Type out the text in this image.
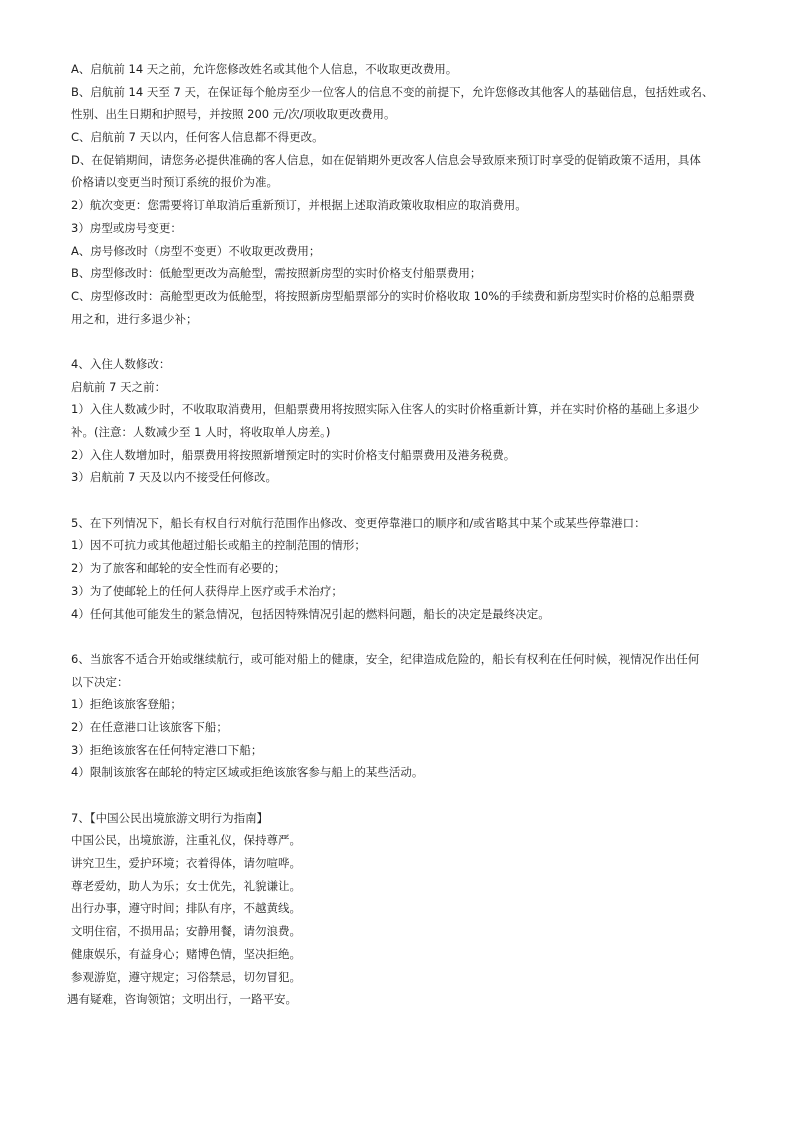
A、启航前 14 天之前，允许您修改姓名或其他个人信息，不收取更改费用。
B、启航前 14 天至 7 天，在保证每个舱房至少一位客人的信息不变的前提下，允许您修改其他客人的基础信息，包括姓或名、
性别、出生日期和护照号，并按照 200 元/次/项收取更改费用。
C、启航前 7 天以内，任何客人信息都不得更改。
D、在促销期间，请您务必提供准确的客人信息，如在促销期外更改客人信息会导致原来预订时享受的促销政策不适用，具体
价格请以变更当时预订系统的报价为准。
2）航次变更：您需要将订单取消后重新预订，并根据上述取消政策收取相应的取消费用。
3）房型或房号变更：
A、房号修改时（房型不变更）不收取更改费用；
B、房型修改时：低舱型更改为高舱型，需按照新房型的实时价格支付船票费用；
C、房型修改时：高舱型更改为低舱型，将按照新房型船票部分的实时价格收取 10%的手续费和新房型实时价格的总船票费
用之和，进行多退少补；
4、入住人数修改：
启航前 7 天之前：
1）入住人数减少时，不收取取消费用，但船票费用将按照实际入住客人的实时价格重新计算，并在实时价格的基础上多退少
补。(注意：人数减少至 1 人时，将收取单人房差。)
2）入住人数增加时，船票费用将按照新增预定时的实时价格支付船票费用及港务税费。
3）启航前 7 天及以内不接受任何修改。
5、在下列情况下，船长有权自行对航行范围作出修改、变更停靠港口的顺序和/或省略其中某个或某些停靠港口：
1）因不可抗力或其他超过船长或船主的控制范围的情形；
2）为了旅客和邮轮的安全性而有必要的；
3）为了使邮轮上的任何人获得岸上医疗或手术治疗；
4）任何其他可能发生的紧急情况，包括因特殊情况引起的燃料问题，船长的决定是最终决定。
6、当旅客不适合开始或继续航行，或可能对船上的健康，安全，纪律造成危险的，船长有权利在任何时候，视情况作出任何
以下决定：
1）拒绝该旅客登船；
2）在任意港口让该旅客下船；
3）拒绝该旅客在任何特定港口下船；
4）限制该旅客在邮轮的特定区域或拒绝该旅客参与船上的某些活动。
7、【中国公民出境旅游文明行为指南】
中国公民，出境旅游，注重礼仪，保持尊严。
讲究卫生，爱护环境；衣着得体，请勿喧哗。
尊老爱幼，助人为乐；女士优先，礼貌谦让。
出行办事，遵守时间；排队有序，不越黄线。
文明住宿，不损用品；安静用餐，请勿浪费。
健康娱乐，有益身心；赌博色情，坚决拒绝。
参观游览，遵守规定；习俗禁忌，切勿冒犯。
遇有疑难，咨询领馆；文明出行，一路平安。
